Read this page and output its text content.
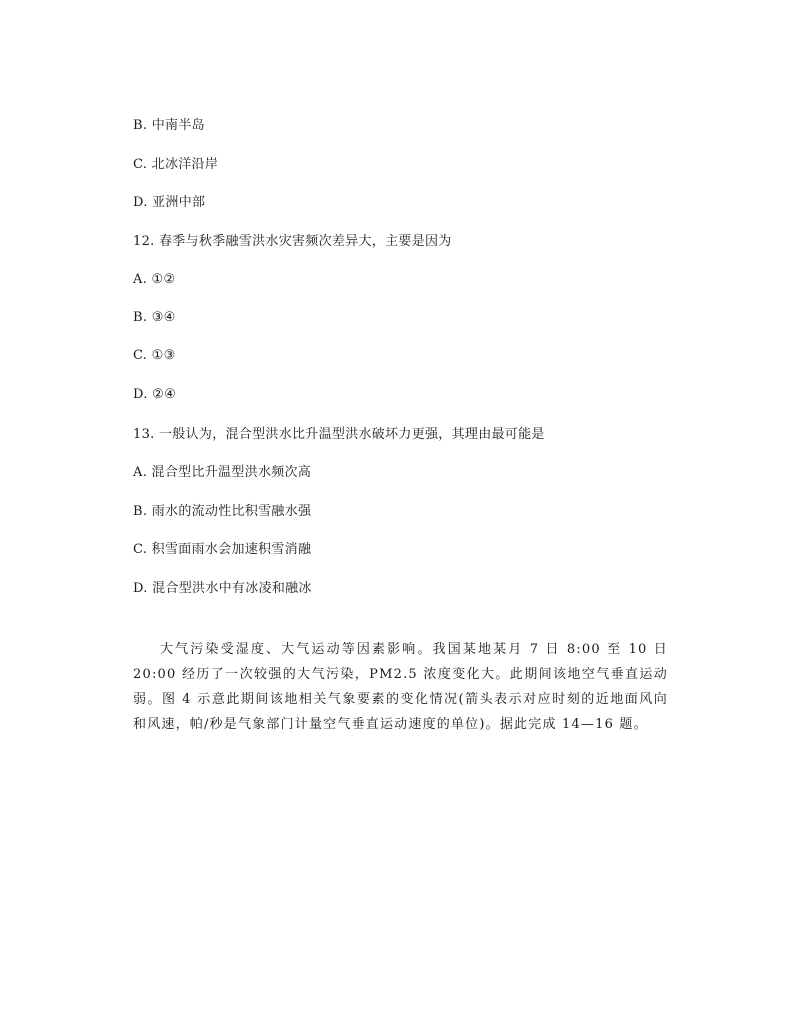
B. 中南半岛
C. 北冰洋沿岸
D. 亚洲中部
12. 春季与秋季融雪洪水灾害频次差异大，主要是因为
A. ①②
B. ③④
C. ①③
D. ②④
13. 一般认为，混合型洪水比升温型洪水破坏力更强，其理由最可能是
A. 混合型比升温型洪水频次高
B. 雨水的流动性比积雪融水强
C. 积雪面雨水会加速积雪消融
D. 混合型洪水中有冰凌和融冰
大气污染受湿度、大气运动等因素影响。我国某地某月 7 日 8:00 至 10 日 20:00 经历了一次较强的大气污染，PM2.5 浓度变化大。此期间该地空气垂直运动弱。图 4 示意此期间该地相关气象要素的变化情况(箭头表示对应时刻的近地面风向和风速，帕/秒是气象部门计量空气垂直运动速度的单位)。据此完成 14—16 题。
